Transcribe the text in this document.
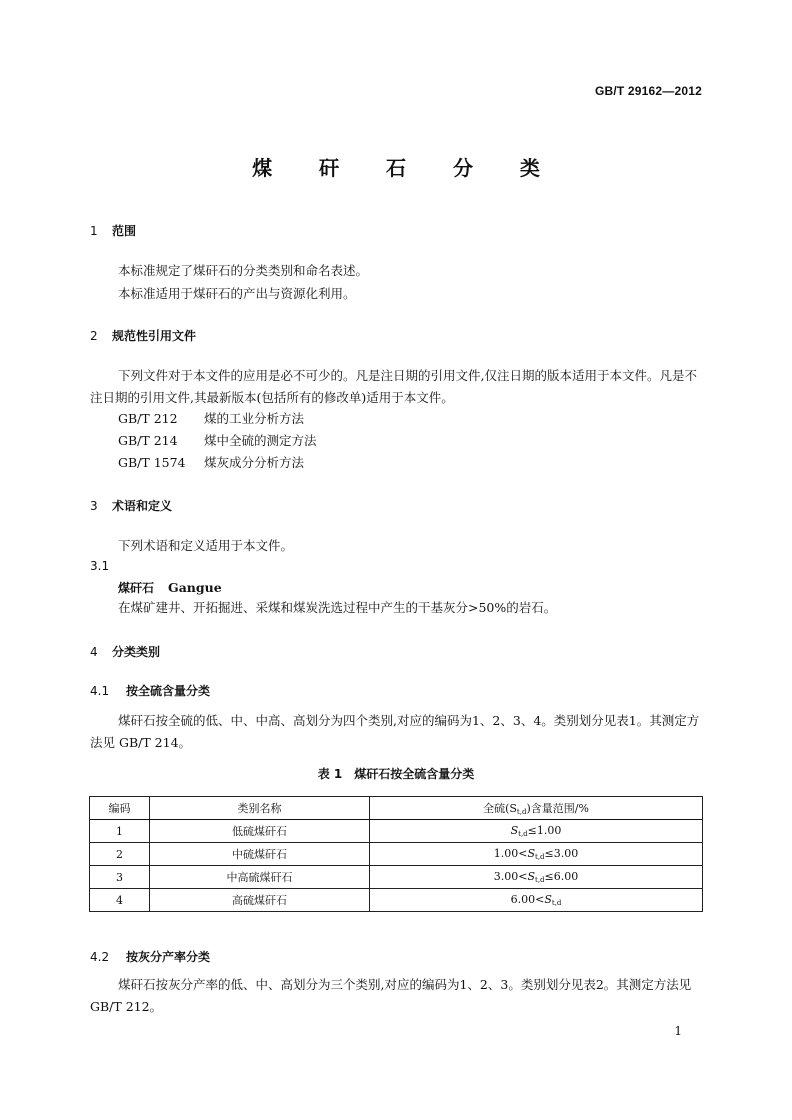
GB/T 29162—2012
煤 矸 石 分 类
1 范围
本标准规定了煤矸石的分类类别和命名表述。
本标准适用于煤矸石的产出与资源化利用。
2 规范性引用文件
下列文件对于本文件的应用是必不可少的。凡是注日期的引用文件,仅注日期的版本适用于本文件。凡是不注日期的引用文件,其最新版本(包括所有的修改单)适用于本文件。
GB/T 212 煤的工业分析方法
GB/T 214 煤中全硫的测定方法
GB/T 1574 煤灰成分分析方法
3 术语和定义
下列术语和定义适用于本文件。
3.1
煤矸石 Gangue
在煤矿建井、开拓掘进、采煤和煤炭洗选过程中产生的干基灰分>50%的岩石。
4 分类类别
4.1 按全硫含量分类
煤矸石按全硫的低、中、中高、高划分为四个类别,对应的编码为1、2、3、4。类别划分见表1。其测定方法见 GB/T 214。
表 1　煤矸石按全硫含量分类
编码	类别名称	全硫$(S_{t,d})$含量范围/%
1	低硫煤矸石	$S_{t,d}\le 1.00$
2	中硫煤矸石	$1.00<S_{t,d}\le 3.00$
3	中高硫煤矸石	$3.00<S_{t,d}\le 6.00$
4	高硫煤矸石	$6.00<S_{t,d}$
4.2 按灰分产率分类
煤矸石按灰分产率的低、中、高划分为三个类别,对应的编码为1、2、3。类别划分见表2。其测定方法见 GB/T 212。
1
